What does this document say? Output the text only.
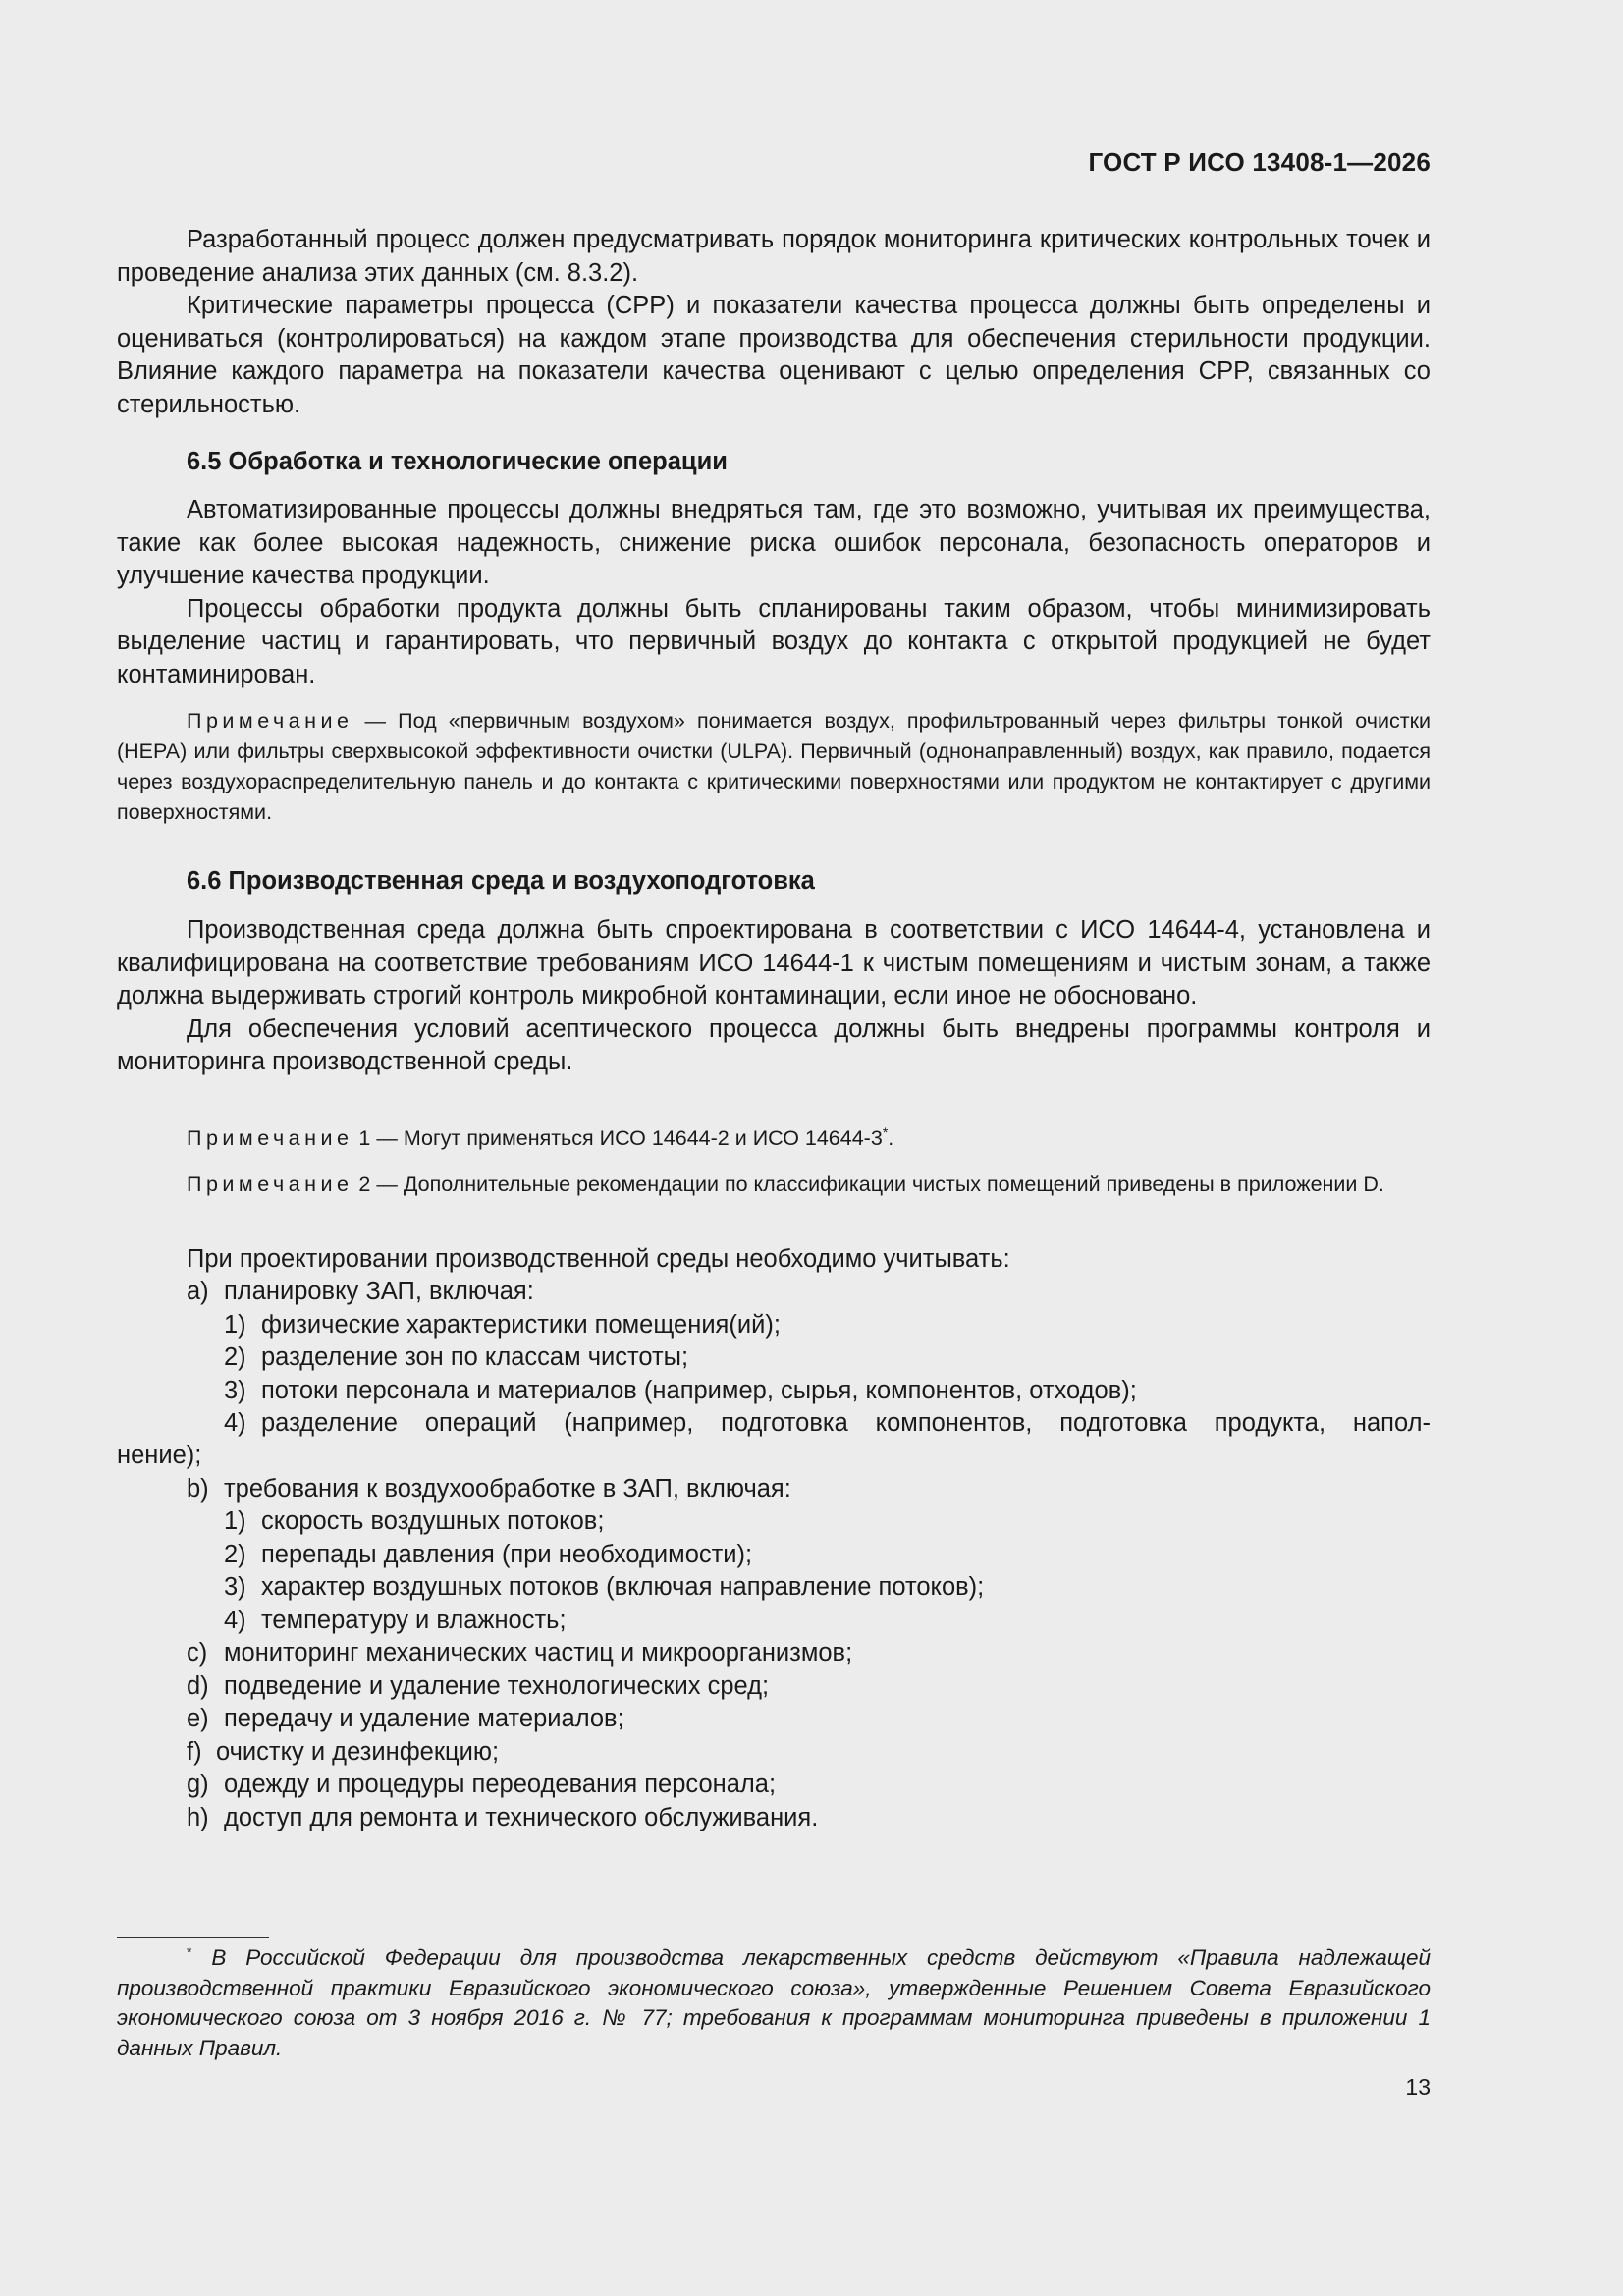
ГОСТ Р ИСО 13408-1—2026

Разработанный процесс должен предусматривать порядок мониторинга критических контрольных точек и проведение анализа этих данных (см. 8.3.2).

Критические параметры процесса (CPP) и показатели качества процесса должны быть определены и оцениваться (контролироваться) на каждом этапе производства для обеспечения стерильности продукции. Влияние каждого параметра на показатели качества оценивают с целью определения CPP, связанных со стерильностью.

6.5 Обработка и технологические операции

Автоматизированные процессы должны внедряться там, где это возможно, учитывая их преимущества, такие как более высокая надежность, снижение риска ошибок персонала, безопасность операторов и улучшение качества продукции.

Процессы обработки продукта должны быть спланированы таким образом, чтобы минимизировать выделение частиц и гарантировать, что первичный воздух до контакта с открытой продукцией не будет контаминирован.

Примечание — Под «первичным воздухом» понимается воздух, профильтрованный через фильтры тонкой очистки (HEPA) или фильтры сверхвысокой эффективности очистки (ULPA). Первичный (однонаправленный) воздух, как правило, подается через воздухораспределительную панель и до контакта с критическими поверхностями или продуктом не контактирует с другими поверхностями.
6.6 Производственная среда и воздухоподготовка

Производственная среда должна быть спроектирована в соответствии с ИСО 14644-4, установлена и квалифицирована на соответствие требованиям ИСО 14644-1 к чистым помещениям и чистым зонам, а также должна выдерживать строгий контроль микробной контаминации, если иное не обосновано.

Для обеспечения условий асептического процесса должны быть внедрены программы контроля и мониторинга производственной среды.

Примечание 1 — Могут применяться ИСО 14644-2 и ИСО 14644-3*.
Примечание 2 — Дополнительные рекомендации по классификации чистых помещений приведены в приложении D.
При проектировании производственной среды необходимо учитывать:
a) планировку ЗАП, включая:
1) физические характеристики помещения(ий);
2) разделение зон по классам чистоты;
3) потоки персонала и материалов (например, сырья, компонентов, отходов);
4) разделение операций (например, подготовка компонентов, подготовка продукта, напол-
нение);
b) требования к воздухообработке в ЗАП, включая:
1) скорость воздушных потоков;
2) перепады давления (при необходимости);
3) характер воздушных потоков (включая направление потоков);
4) температуру и влажность;
c) мониторинг механических частиц и микроорганизмов;
d) подведение и удаление технологических сред;
e) передачу и удаление материалов;
f) очистку и дезинфекцию;
g) одежду и процедуры переодевания персонала;
h) доступ для ремонта и технического обслуживания.
* В Российской Федерации для производства лекарственных средств действуют «Правила надлежащей производственной практики Евразийского экономического союза», утвержденные Решением Совета Евразийского экономического союза от 3 ноября 2016 г. № 77; требования к программам мониторинга приведены в приложении 1 данных Правил.
13
